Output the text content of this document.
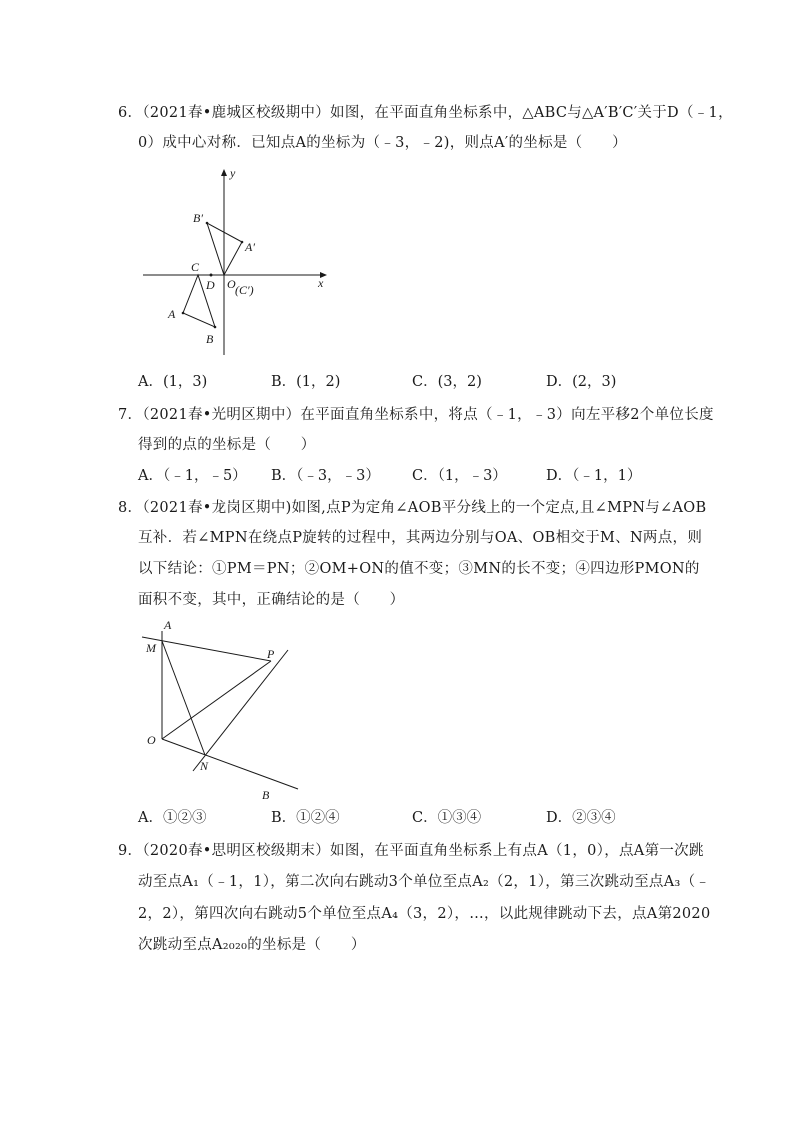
6．（2021春•鹿城区校级期中）如图，在平面直角坐标系中，△ABC与△A′B′C′关于D（﹣1，
0）成中心对称．已知点A的坐标为（﹣3，﹣2)，则点A′的坐标是（　　）
y
x
B′
A′
C
D O (C′)
A
B
A．(1，3)	B．(1，2)	C．(3，2)	D．(2，3)
7．（2021春•光明区期中）在平面直角坐标系中，将点（﹣1，﹣3）向左平移2个单位长度
得到的点的坐标是（　　）
A．（﹣1，﹣5） B．（﹣3，﹣3） C．（1，﹣3）	D．（﹣1，1）
8．（2021春•龙岗区期中)如图,点P为定角∠AOB平分线上的一个定点,且∠MPN与∠AOB
互补．若∠MPN在绕点P旋转的过程中，其两边分别与OA、OB相交于M、N两点，则
以下结论：①PM＝PN；②OM+ON的值不变；③MN的长不变；④四边形PMON的
面积不变，其中，正确结论的是（　　）
A
M	P
O
N
B
A．①②③	B．①②④	C．①③④	D．②③④
9．（2020春•思明区校级期末）如图，在平面直角坐标系上有点A（1，0），点A第一次跳
动至点A₁（﹣1，1），第二次向右跳动3个单位至点A₂（2，1），第三次跳动至点A₃（﹣
2，2），第四次向右跳动5个单位至点A₄（3，2），…，以此规律跳动下去，点A第2020
次跳动至点A₂₀₂₀的坐标是（　　）
